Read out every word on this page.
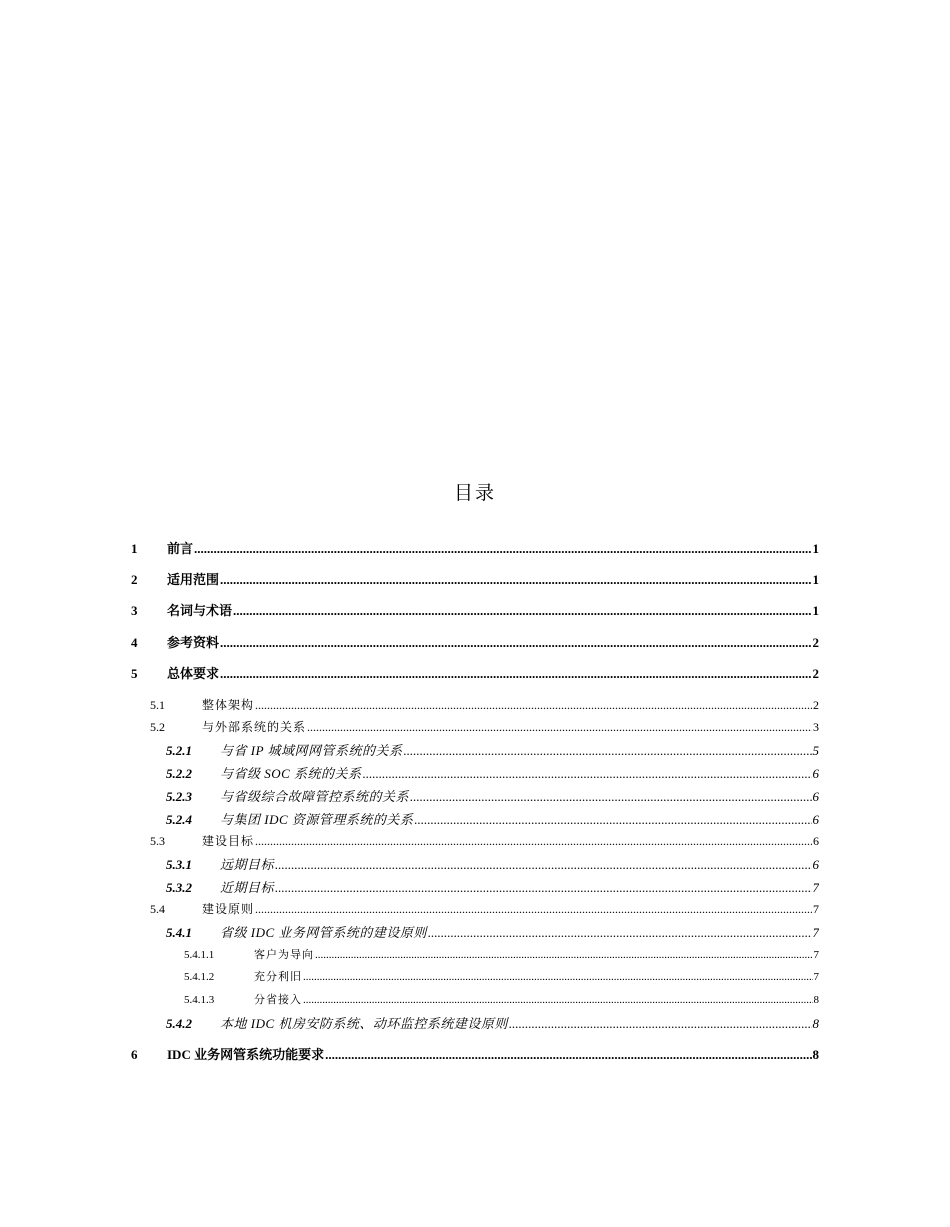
目录
1	前言 .....	1
2	适用范围 .....	1
3	名词与术语 .....	1
4	参考资料 .....	2
5	总体要求 .....	2
5.1	整体架构 .....	2
5.2	与外部系统的关系 .....	3
5.2.1	与省 IP 城域网网管系统的关系 .....	5
5.2.2	与省级 SOC 系统的关系 .....	6
5.2.3	与省级综合故障管控系统的关系 .....	6
5.2.4	与集团 IDC 资源管理系统的关系 .....	6
5.3	建设目标 .....	6
5.3.1	远期目标 .....	6
5.3.2	近期目标 .....	7
5.4	建设原则 .....	7
5.4.1	省级 IDC 业务网管系统的建设原则 .....	7
5.4.1.1	客户为导向 .....	7
5.4.1.2	充分利旧 .....	7
5.4.1.3	分省接入 .....	8
5.4.2	本地 IDC 机房安防系统、动环监控系统建设原则 .....	8
6	IDC 业务网管系统功能要求 .....	8
